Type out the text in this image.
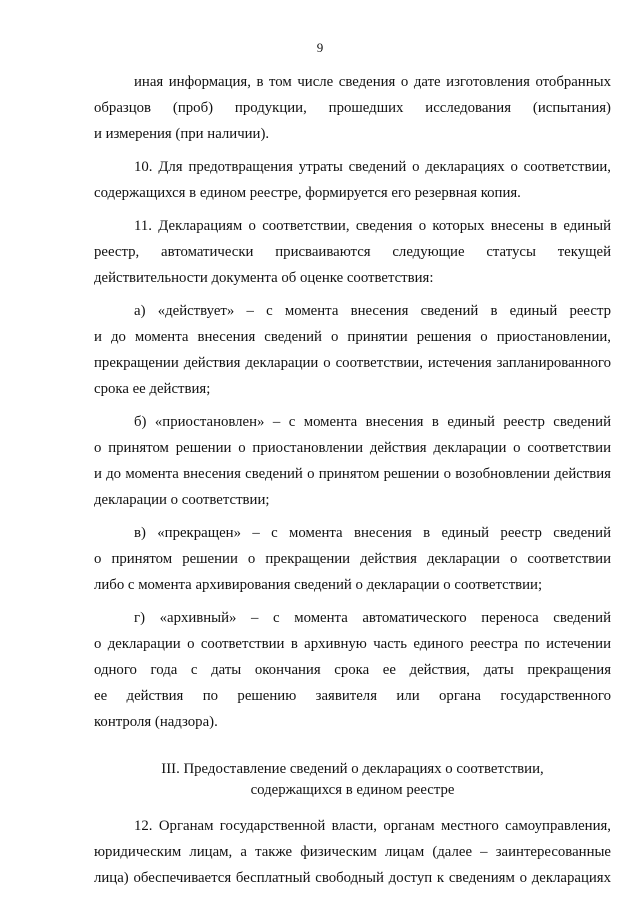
9
иная информация, в том числе сведения о дате изготовления отобранных
образцов (проб) продукции, прошедших исследования (испытания)
и измерения (при наличии).
10. Для предотвращения утраты сведений о декларациях о соответствии,
содержащихся в едином реестре, формируется его резервная копия.
11. Декларациям о соответствии, сведения о которых внесены в единый
реестр, автоматически присваиваются следующие статусы текущей
действительности документа об оценке соответствия:
а) «действует» – с момента внесения сведений в единый реестр
и до момента внесения сведений о принятии решения о приостановлении,
прекращении действия декларации о соответствии, истечения запланированного
срока ее действия;
б) «приостановлен» – с момента внесения в единый реестр сведений
о принятом решении о приостановлении действия декларации о соответствии
и до момента внесения сведений о принятом решении о возобновлении действия
декларации о соответствии;
в) «прекращен» – с момента внесения в единый реестр сведений
о принятом решении о прекращении действия декларации о соответствии
либо с момента архивирования сведений о декларации о соответствии;
г) «архивный» – с момента автоматического переноса сведений
о декларации о соответствии в архивную часть единого реестра по истечении
одного года с даты окончания срока ее действия, даты прекращения
ее действия по решению заявителя или органа государственного
контроля (надзора).
III. Предоставление сведений о декларациях о соответствии,
содержащихся в едином реестре
12. Органам государственной власти, органам местного самоуправления,
юридическим лицам, а также физическим лицам (далее – заинтересованные
лица) обеспечивается бесплатный свободный доступ к сведениям о декларациях
